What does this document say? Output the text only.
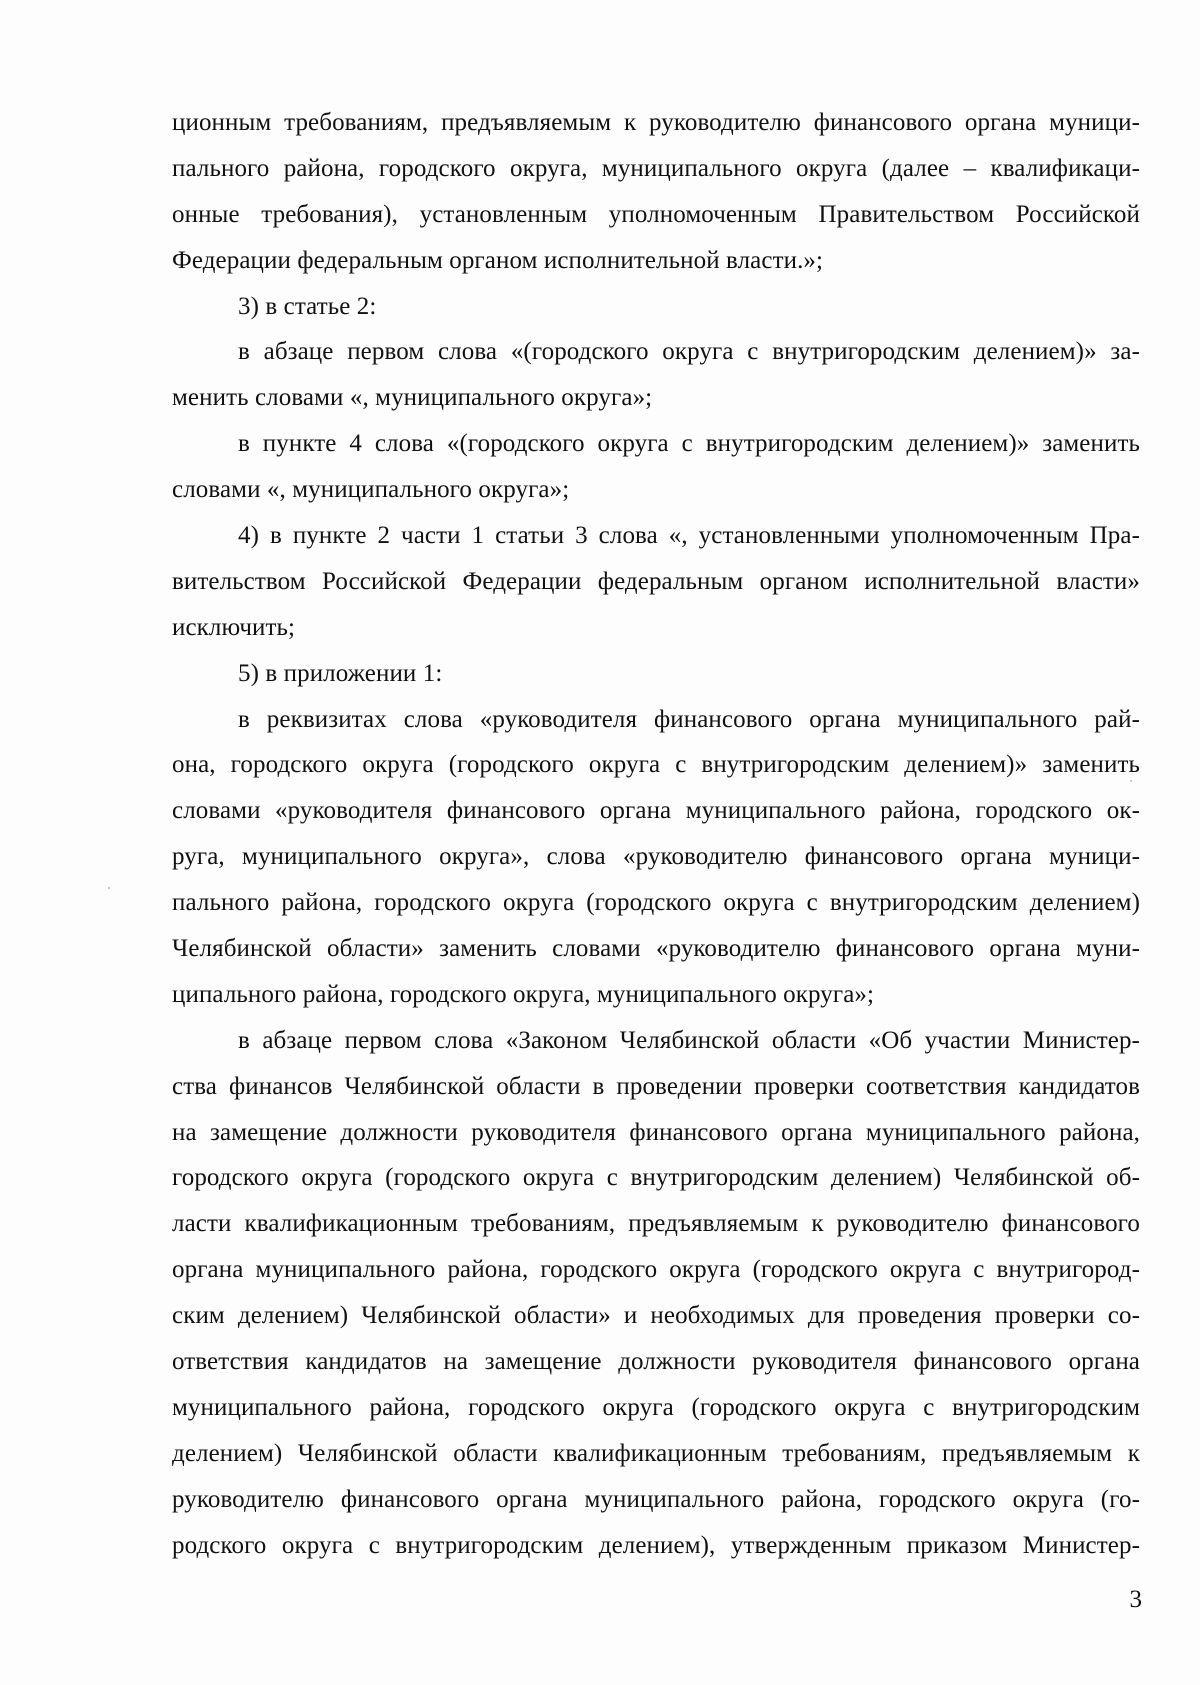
ционным требованиям, предъявляемым к руководителю финансового органа муници-
пального района, городского округа, муниципального округа (далее – квалификаци-
онные требования), установленным уполномоченным Правительством Российской
Федерации федеральным органом исполнительной власти.»;
3) в статье 2:
в абзаце первом слова «(городского округа с внутригородским делением)» за-
менить словами «, муниципального округа»;
в пункте 4 слова «(городского округа с внутригородским делением)» заменить
словами «, муниципального округа»;
4) в пункте 2 части 1 статьи 3 слова «, установленными уполномоченным Пра-
вительством Российской Федерации федеральным органом исполнительной власти»
исключить;
5) в приложении 1:
в реквизитах слова «руководителя финансового органа муниципального рай-
она, городского округа (городского округа с внутригородским делением)» заменить
словами «руководителя финансового органа муниципального района, городского ок-
руга, муниципального округа», слова «руководителю финансового органа муници-
пального района, городского округа (городского округа с внутригородским делением)
Челябинской области» заменить словами «руководителю финансового органа муни-
ципального района, городского округа, муниципального округа»;
в абзаце первом слова «Законом Челябинской области «Об участии Министер-
ства финансов Челябинской области в проведении проверки соответствия кандидатов
на замещение должности руководителя финансового органа муниципального района,
городского округа (городского округа с внутригородским делением) Челябинской об-
ласти квалификационным требованиям, предъявляемым к руководителю финансового
органа муниципального района, городского округа (городского округа с внутригород-
ским делением) Челябинской области» и необходимых для проведения проверки со-
ответствия кандидатов на замещение должности руководителя финансового органа
муниципального района, городского округа (городского округа с внутригородским
делением) Челябинской области квалификационным требованиям, предъявляемым к
руководителю финансового органа муниципального района, городского округа (го-
родского округа с внутригородским делением), утвержденным приказом Министер-
3
